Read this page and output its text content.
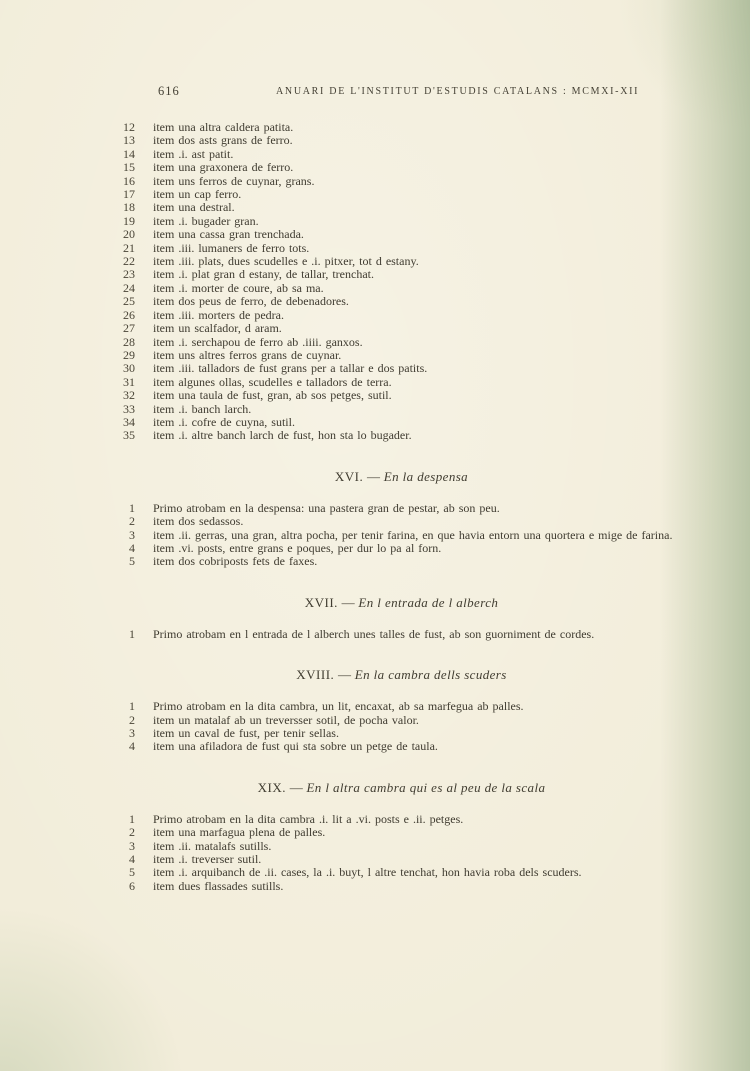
616	ANUARI DE L'INSTITUT D'ESTUDIS CATALANS : MCMXI-XII
12 item una altra caldera patita.
13 item dos asts grans de ferro.
14 item .i. ast patit.
15 item una graxonera de ferro.
16 item uns ferros de cuynar, grans.
17 item un cap ferro.
18 item una destral.
19 item .i. bugader gran.
20 item una cassa gran trenchada.
21 item .iii. lumaners de ferro tots.
22 item .iii. plats, dues scudelles e .i. pitxer, tot d estany.
23 item .i. plat gran d estany, de tallar, trenchat.
24 item .i. morter de coure, ab sa ma.
25 item dos peus de ferro, de debenadores.
26 item .iii. morters de pedra.
27 item un scalfador, d aram.
28 item .i. serchapou de ferro ab .iiii. ganxos.
29 item uns altres ferros grans de cuynar.
30 item .iii. talladors de fust grans per a tallar e dos patits.
31 item algunes ollas, scudelles e talladors de terra.
32 item una taula de fust, gran, ab sos petges, sutil.
33 item .i. banch larch.
34 item .i. cofre de cuyna, sutil.
35 item .i. altre banch larch de fust, hon sta lo bugader.
XVI. — En la despensa
1 Primo atrobam en la despensa: una pastera gran de pestar, ab son peu.
2 item dos sedassos.
3 item .ii. gerras, una gran, altra pocha, per tenir farina, en que havia entorn una quortera e mige de farina.
4 item .vi. posts, entre grans e poques, per dur lo pa al forn.
5 item dos cobriposts fets de faxes.
XVII. — En l entrada de l alberch
1 Primo atrobam en l entrada de l alberch unes talles de fust, ab son guorniment de cordes.
XVIII. — En la cambra dells scuders
1 Primo atrobam en la dita cambra, un lit, encaxat, ab sa marfegua ab palles.
2 item un matalaf ab un treversser sotil, de pocha valor.
3 item un caval de fust, per tenir sellas.
4 item una afiladora de fust qui sta sobre un petge de taula.
XIX. — En l altra cambra qui es al peu de la scala
1 Primo atrobam en la dita cambra .i. lit a .vi. posts e .ii. petges.
2 item una marfagua plena de palles.
3 item .ii. matalafs sutills.
4 item .i. treverser sutil.
5 item .i. arquibanch de .ii. cases, la .i. buyt, l altre tenchat, hon havia roba dels scuders.
6 item dues flassades sutills.
